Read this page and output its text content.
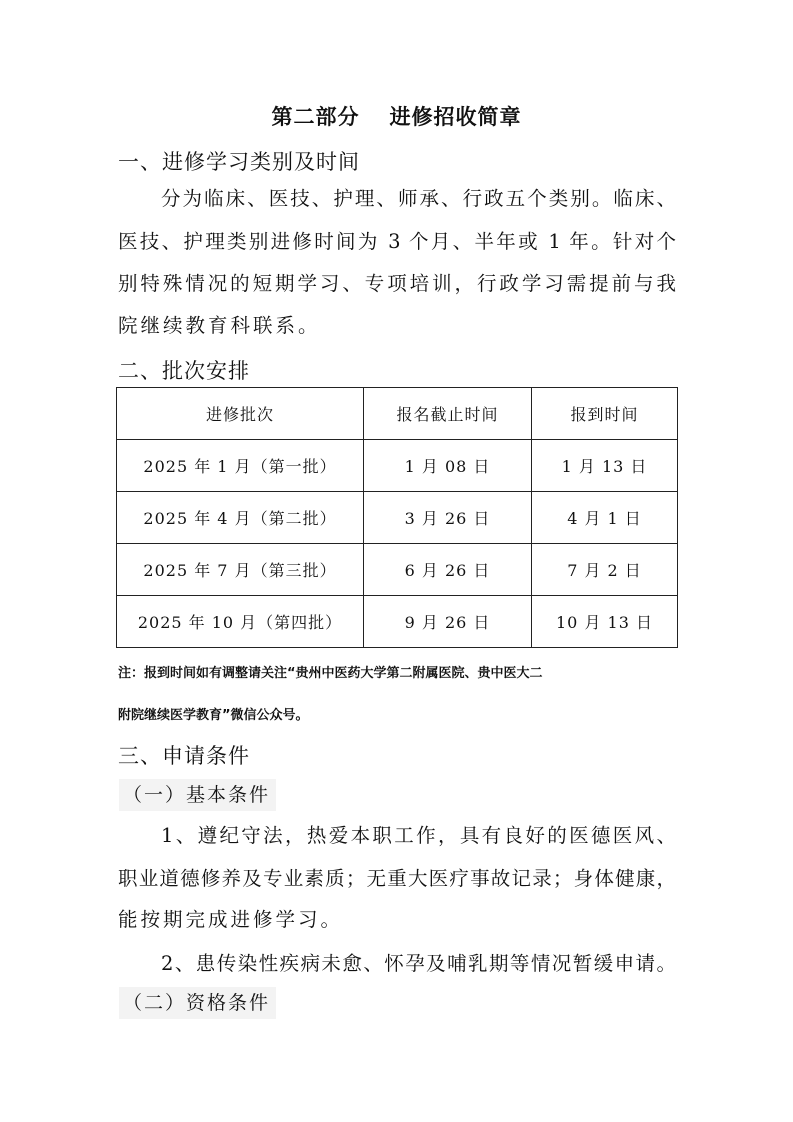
第二部分 进修招收简章
一、进修学习类别及时间
分为临床、医技、护理、师承、行政五个类别。临床、
医技、护理类别进修时间为 3 个月、半年或 1 年。针对个
别特殊情况的短期学习、专项培训，行政学习需提前与我
院继续教育科联系。
二、批次安排
进修批次	报名截止时间	报到时间
2025 年 1 月（第一批）	1 月 08 日	1 月 13 日
2025 年 4 月（第二批）	3 月 26 日	4 月 1 日
2025 年 7 月（第三批）	6 月 26 日	7 月 2 日
2025 年 10 月（第四批）	9 月 26 日	10 月 13 日
注：报到时间如有调整请关注“贵州中医药大学第二附属医院、贵中医大二
附院继续医学教育”微信公众号。
三、申请条件
（一）基本条件
1、遵纪守法，热爱本职工作，具有良好的医德医风、
职业道德修养及专业素质；无重大医疗事故记录；身体健康，
能按期完成进修学习。
2、患传染性疾病未愈、怀孕及哺乳期等情况暂缓申请。
（二）资格条件
